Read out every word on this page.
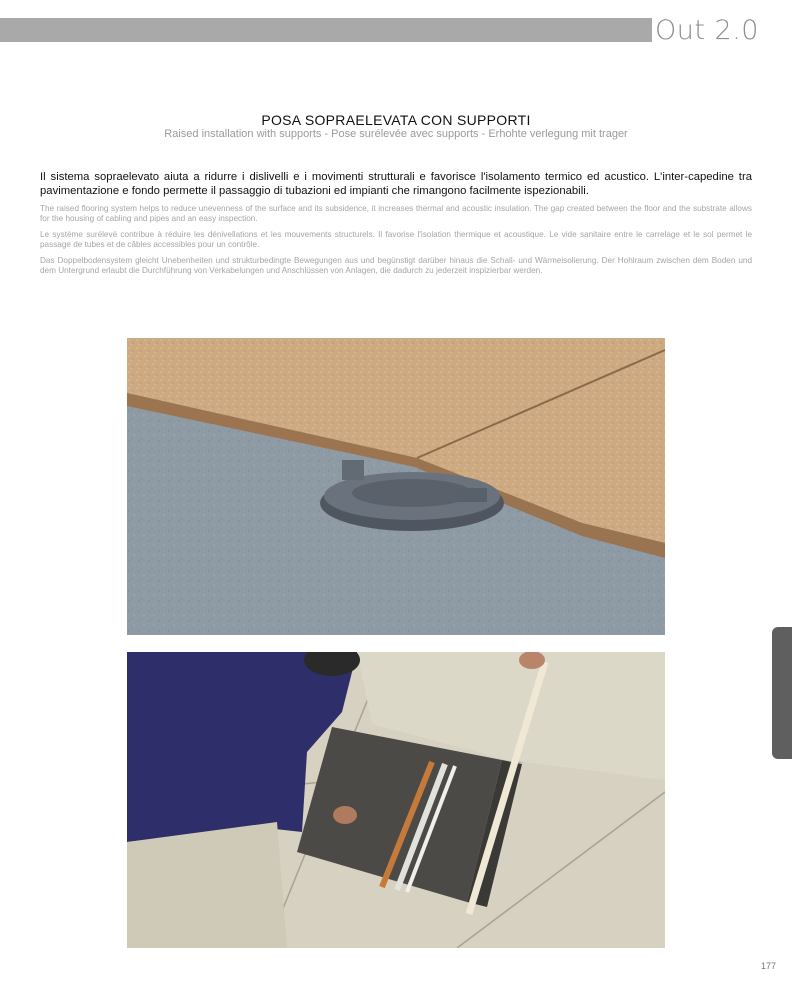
Out 2.0
POSA SOPRAELEVATA CON SUPPORTI
Raised installation with supports - Pose surélevée avec supports - Erhohte verlegung mit trager
Il sistema sopraelevato aiuta a ridurre i dislivelli e i movimenti strutturali e favorisce l'isolamento termico ed acustico. L'inter-capedine tra pavimentazione e fondo permette il passaggio di tubazioni ed impianti che rimangono facilmente ispezionabili.
The raised flooring system helps to reduce unevenness of the surface and its subsidence, it increases thermal and acoustic insulation. The gap created between the floor and the substrate allows for the housing of cabling and pipes and an easy inspection.
Le système surélevé contribue à réduire les dénivellations et les mouvements structurels. Il favorise l'isolation thermique et acoustique. Le vide sanitaire entre le carrelage et le sol permet le passage de tubes et de câbles accessibles pour un contrôle.
Das Doppelbodensystem gleicht Unebenheiten und strukturbedingte Bewegungen aus und begünstigt darüber hinaus die Schall- und Wärmeisolierung. Der Hohlraum zwischen dem Boden und dem Untergrund erlaubt die Durchführung von Verkabelungen und Anschlüssen von Anlagen, die dadurch zu jederzeit inspizierbar werden.
177
